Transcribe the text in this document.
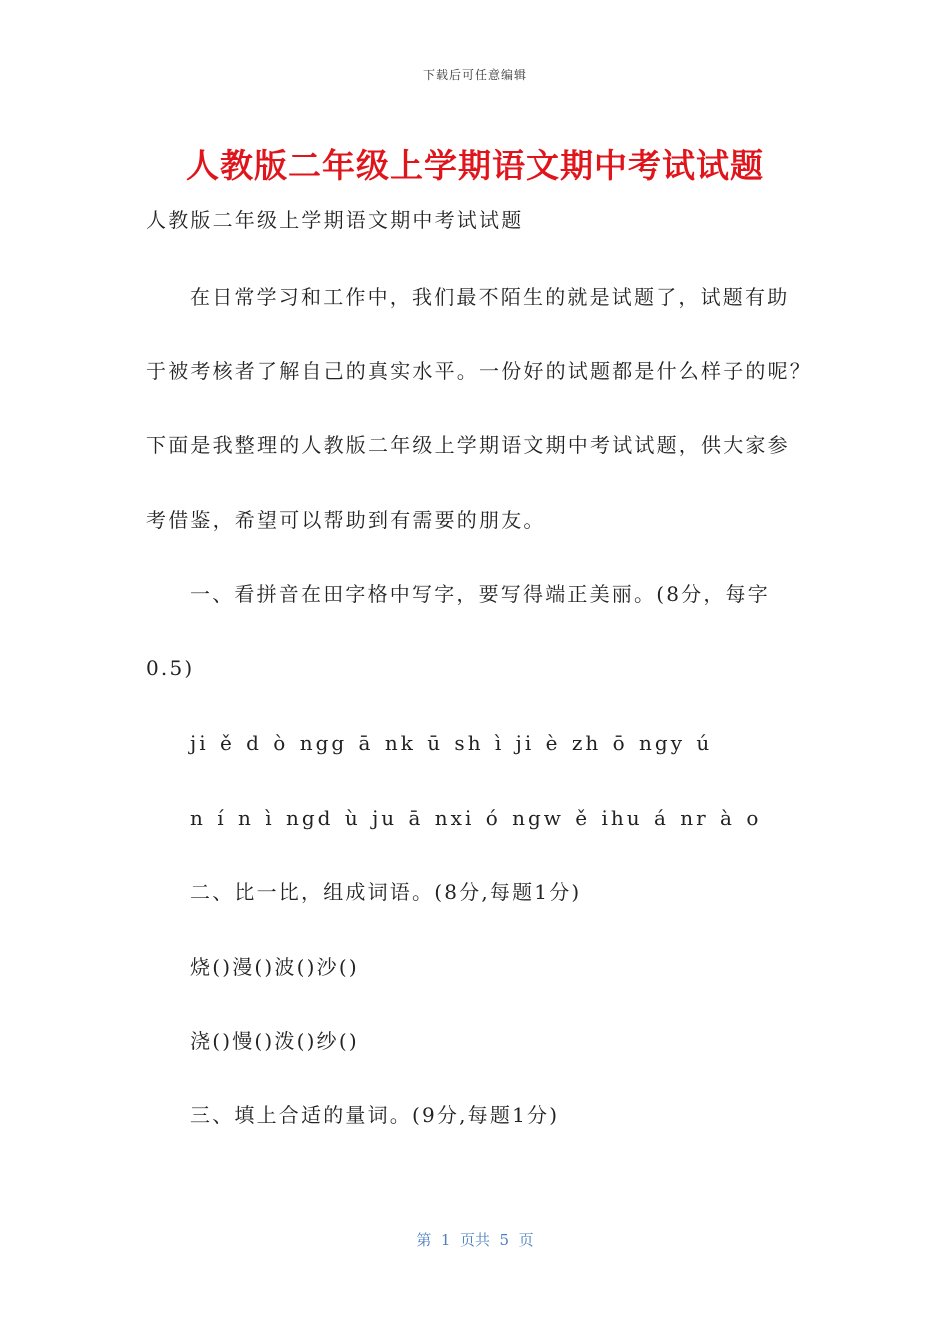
下载后可任意编辑
人教版二年级上学期语文期中考试试题
人教版二年级上学期语文期中考试试题
在日常学习和工作中，我们最不陌生的就是试题了，试题有助
于被考核者了解自己的真实水平。一份好的试题都是什么样子的呢？
下面是我整理的人教版二年级上学期语文期中考试试题，供大家参
考借鉴，希望可以帮助到有需要的朋友。
一、看拼音在田字格中写字，要写得端正美丽。(8分，每字
0.5)
ji ě d ò ngg ā nk ū sh ì ji è zh ō ngy ú
n í n ì ngd ù ju ā nxi ó ngw ě ihu á nr à o
二、比一比，组成词语。(8分,每题1分)
烧()漫()波()沙()
浇()慢()泼()纱()
三、填上合适的量词。(9分,每题1分)
第  1  页共  5  页
